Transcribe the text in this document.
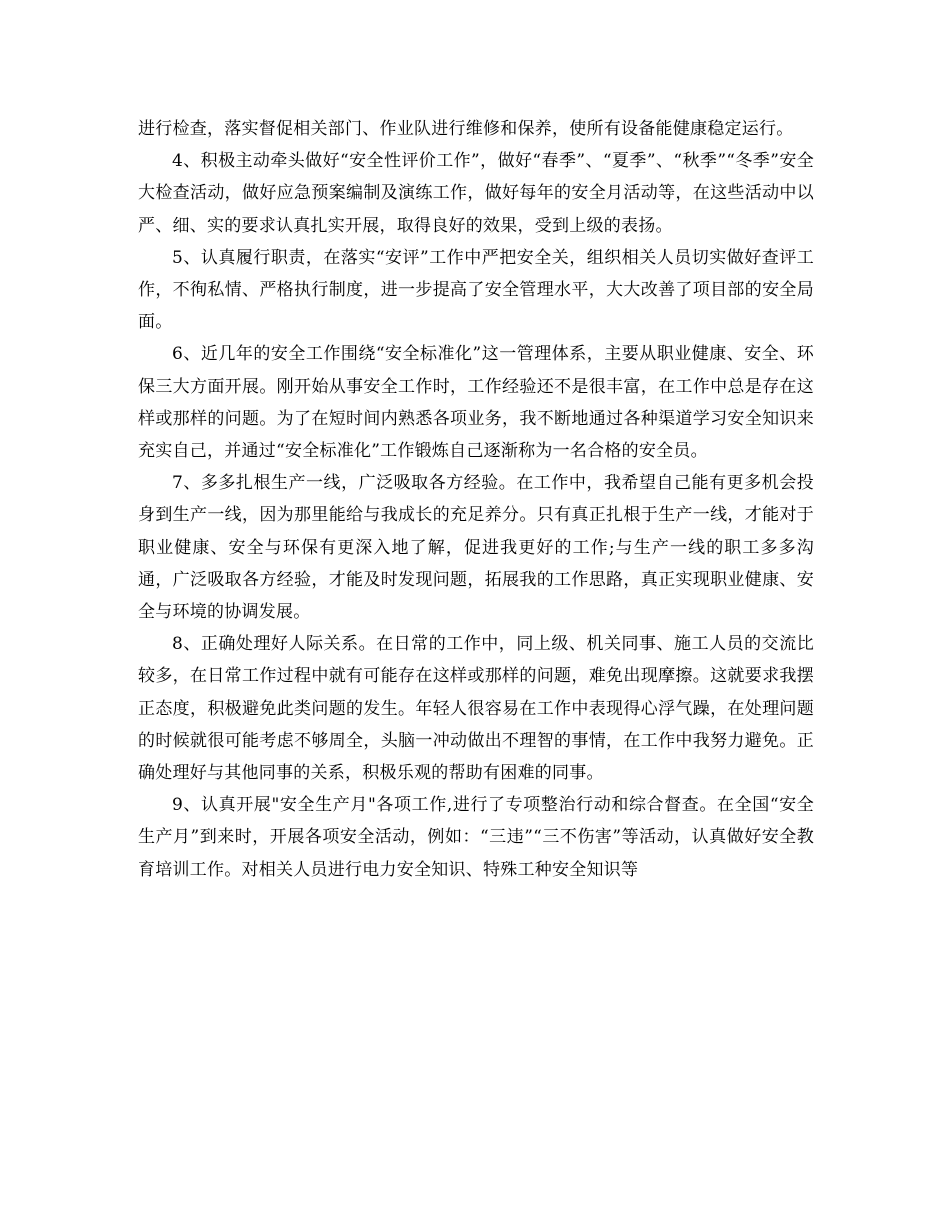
进行检查，落实督促相关部门、作业队进行维修和保养，使所有设备能健康稳定运行。

4、积极主动牵头做好“安全性评价工作”，做好“春季”、“夏季”、“秋季”“冬季”安全大检查活动，做好应急预案编制及演练工作，做好每年的安全月活动等，在这些活动中以严、细、实的要求认真扎实开展，取得良好的效果，受到上级的表扬。

5、认真履行职责，在落实“安评”工作中严把安全关，组织相关人员切实做好查评工作，不徇私情、严格执行制度，进一步提高了安全管理水平，大大改善了项目部的安全局面。

6、近几年的安全工作围绕“安全标准化”这一管理体系，主要从职业健康、安全、环保三大方面开展。刚开始从事安全工作时，工作经验还不是很丰富，在工作中总是存在这样或那样的问题。为了在短时间内熟悉各项业务，我不断地通过各种渠道学习安全知识来充实自己，并通过“安全标准化”工作锻炼自己逐渐称为一名合格的安全员。

7、多多扎根生产一线，广泛吸取各方经验。在工作中，我希望自己能有更多机会投身到生产一线，因为那里能给与我成长的充足养分。只有真正扎根于生产一线，才能对于职业健康、安全与环保有更深入地了解，促进我更好的工作;与生产一线的职工多多沟通，广泛吸取各方经验，才能及时发现问题，拓展我的工作思路，真正实现职业健康、安全与环境的协调发展。

8、正确处理好人际关系。在日常的工作中，同上级、机关同事、施工人员的交流比较多，在日常工作过程中就有可能存在这样或那样的问题，难免出现摩擦。这就要求我摆正态度，积极避免此类问题的发生。年轻人很容易在工作中表现得心浮气躁，在处理问题的时候就很可能考虑不够周全，头脑一冲动做出不理智的事情，在工作中我努力避免。正确处理好与其他同事的关系，积极乐观的帮助有困难的同事。

9、认真开展"安全生产月"各项工作,进行了专项整治行动和综合督查。在全国“安全生产月”到来时，开展各项安全活动，例如：“三违”“三不伤害”等活动，认真做好安全教育培训工作。对相关人员进行电力安全知识、特殊工种安全知识等
